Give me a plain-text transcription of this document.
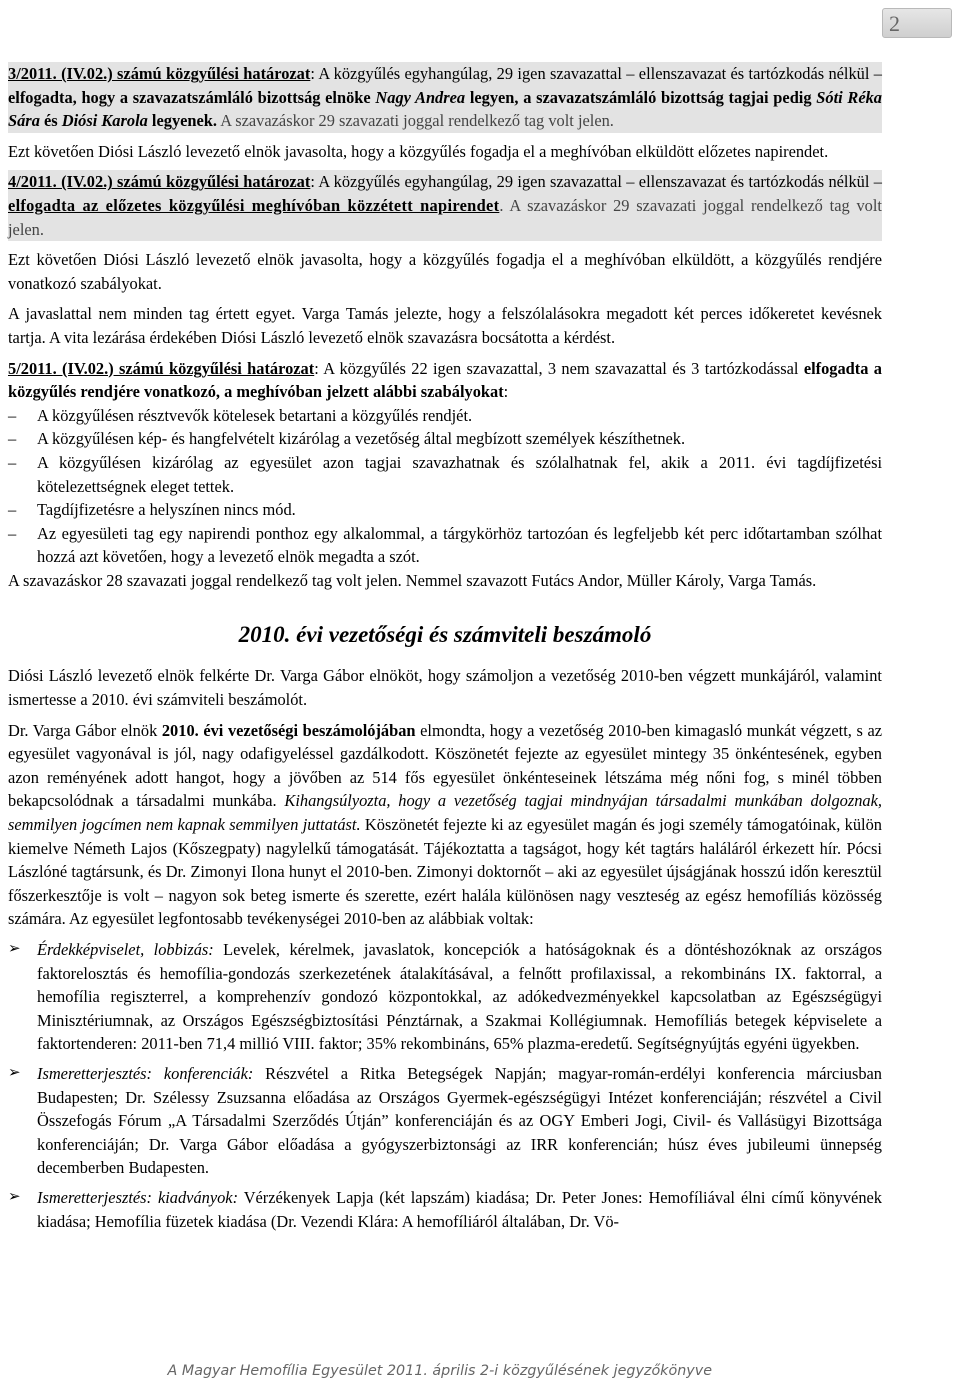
2

3/2011. (IV.02.) számú közgyűlési határozat: A közgyűlés egyhangúlag, 29 igen szavazattal – ellenszavazat és tartózkodás nélkül – elfogadta, hogy a szavazatszámláló bizottság elnöke Nagy Andrea legyen, a szavazatszámláló bizottság tagjai pedig Sóti Réka Sára és Diósi Karola legyenek. A szavazáskor 29 szavazati joggal rendelkező tag volt jelen.

Ezt követően Diósi László levezető elnök javasolta, hogy a közgyűlés fogadja el a meghívóban elküldött előzetes napirendet.

4/2011. (IV.02.) számú közgyűlési határozat: A közgyűlés egyhangúlag, 29 igen szavazattal – ellenszavazat és tartózkodás nélkül – elfogadta az előzetes közgyűlési meghívóban közzétett napirendet. A szavazáskor 29 szavazati joggal rendelkező tag volt jelen.

Ezt követően Diósi László levezető elnök javasolta, hogy a közgyűlés fogadja el a meghívóban elküldött, a közgyűlés rendjére vonatkozó szabályokat.

A javaslattal nem minden tag értett egyet. Varga Tamás jelezte, hogy a felszólalásokra megadott két perces időkeretet kevésnek tartja. A vita lezárása érdekében Diósi László levezető elnök szavazásra bocsátotta a kérdést.

5/2011. (IV.02.) számú közgyűlési határozat: A közgyűlés 22 igen szavazattal, 3 nem szavazattal és 3 tartózkodással elfogadta a közgyűlés rendjére vonatkozó, a meghívóban jelzett alábbi szabályokat:

–	A közgyűlésen résztvevők kötelesek betartani a közgyűlés rendjét.
–	A közgyűlésen kép- és hangfelvételt kizárólag a vezetőség által megbízott személyek készíthetnek.
–	A közgyűlésen kizárólag az egyesület azon tagjai szavazhatnak és szólalhatnak fel, akik a 2011. évi tagdíjfizetési kötelezettségnek eleget tettek.
–	Tagdíjfizetésre a helyszínen nincs mód.
–	Az egyesületi tag egy napirendi ponthoz egy alkalommal, a tárgykörhöz tartozóan és legfeljebb két perc időtartamban szólhat hozzá azt követően, hogy a levezető elnök megadta a szót.

A szavazáskor 28 szavazati joggal rendelkező tag volt jelen. Nemmel szavazott Futács Andor, Müller Károly, Varga Tamás.

2010. évi vezetőségi és számviteli beszámoló

Diósi László levezető elnök felkérte Dr. Varga Gábor elnököt, hogy számoljon a vezetőség 2010-ben végzett munkájáról, valamint ismertesse a 2010. évi számviteli beszámolót.

Dr. Varga Gábor elnök 2010. évi vezetőségi beszámolójában elmondta, hogy a vezetőség 2010-ben kimagasló munkát végzett, s az egyesület vagyonával is jól, nagy odafigyeléssel gazdálkodott. Köszönetét fejezte az egyesület mintegy 35 önkéntesének, egyben azon reményének adott hangot, hogy a jövőben az 514 fős egyesület önkénteseinek létszáma még nőni fog, s minél többen bekapcsolódnak a társadalmi munkába. Kihangsúlyozta, hogy a vezetőség tagjai mindnyájan társadalmi munkában dolgoznak, semmilyen jogcímen nem kapnak semmilyen juttatást. Köszönetét fejezte ki az egyesület magán és jogi személy támogatóinak, külön kiemelve Németh Lajos (Kőszegpaty) nagylelkű támogatását. Tájékoztatta a tagságot, hogy két tagtárs haláláról érkezett hír. Pócsi Lászlóné tagtársunk, és Dr. Zimonyi Ilona hunyt el 2010-ben. Zimonyi doktornőt – aki az egyesület újságjának hosszú időn keresztül főszerkesztője is volt – nagyon sok beteg ismerte és szerette, ezért halála különösen nagy veszteség az egész hemofíliás közösség számára. Az egyesület legfontosabb tevékenységei 2010-ben az alábbiak voltak:

➢ Érdekképviselet, lobbizás: Levelek, kérelmek, javaslatok, koncepciók a hatóságoknak és a döntéshozóknak az országos faktorelosztás és hemofília-gondozás szerkezetének átalakításával, a felnőtt profilaxissal, a rekombináns IX. faktorral, a hemofília regiszterrel, a komprehenzív gondozó központokkal, az adókedvezményekkel kapcsolatban az Egészségügyi Minisztériumnak, az Országos Egészségbiztosítási Pénztárnak, a Szakmai Kollégiumnak. Hemofíliás betegek képviselete a faktortenderen: 2011-ben 71,4 millió VIII. faktor; 35% rekombináns, 65% plazma-eredetű. Segítségnyújtás egyéni ügyekben.
➢ Ismeretterjesztés: konferenciák: Részvétel a Ritka Betegségek Napján; magyar-román-erdélyi konferencia márciusban Budapesten; Dr. Szélessy Zsuzsanna előadása az Országos Gyermek-egészségügyi Intézet konferenciáján; részvétel a Civil Összefogás Fórum „A Társadalmi Szerződés Útján” konferenciáján és az OGY Emberi Jogi, Civil- és Vallásügyi Bizottsága konferenciáján; Dr. Varga Gábor előadása a gyógyszerbiztonsági az IRR konferencián; húsz éves jubileumi ünnepség decemberben Budapesten.
➢ Ismeretterjesztés: kiadványok: Vérzékenyek Lapja (két lapszám) kiadása; Dr. Peter Jones: Hemofíliával élni című könyvének kiadása; Hemofília füzetek kiadása (Dr. Vezendi Klára: A hemofíliáról általában, Dr. Vö-
A Magyar Hemofília Egyesület 2011. április 2-i közgyűlésének jegyzőkönyve
